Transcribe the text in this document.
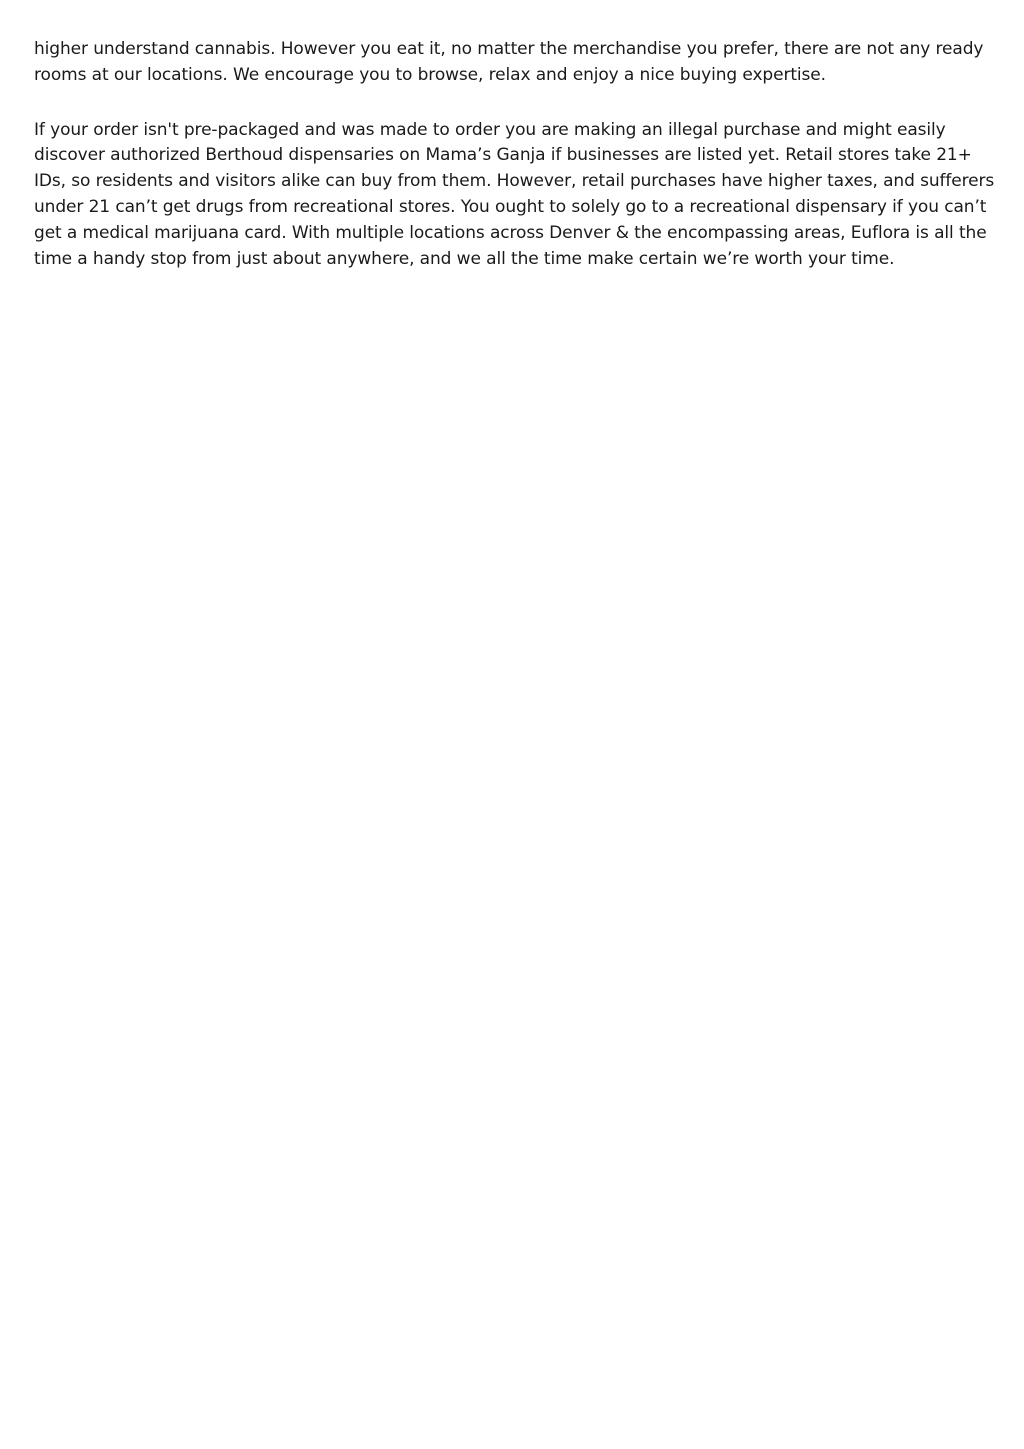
higher understand cannabis. However you eat it, no matter the merchandise you prefer, there are not any ready rooms at our locations. We encourage you to browse, relax and enjoy a nice buying expertise.

If your order isn't pre-packaged and was made to order you are making an illegal purchase and might easily discover authorized Berthoud dispensaries on Mama’s Ganja if businesses are listed yet. Retail stores take 21+ IDs, so residents and visitors alike can buy from them. However, retail purchases have higher taxes, and sufferers under 21 can’t get drugs from recreational stores. You ought to solely go to a recreational dispensary if you can’t get a medical marijuana card. With multiple locations across Denver & the encompassing areas, Euflora is all the time a handy stop from just about anywhere, and we all the time make certain we’re worth your time.
